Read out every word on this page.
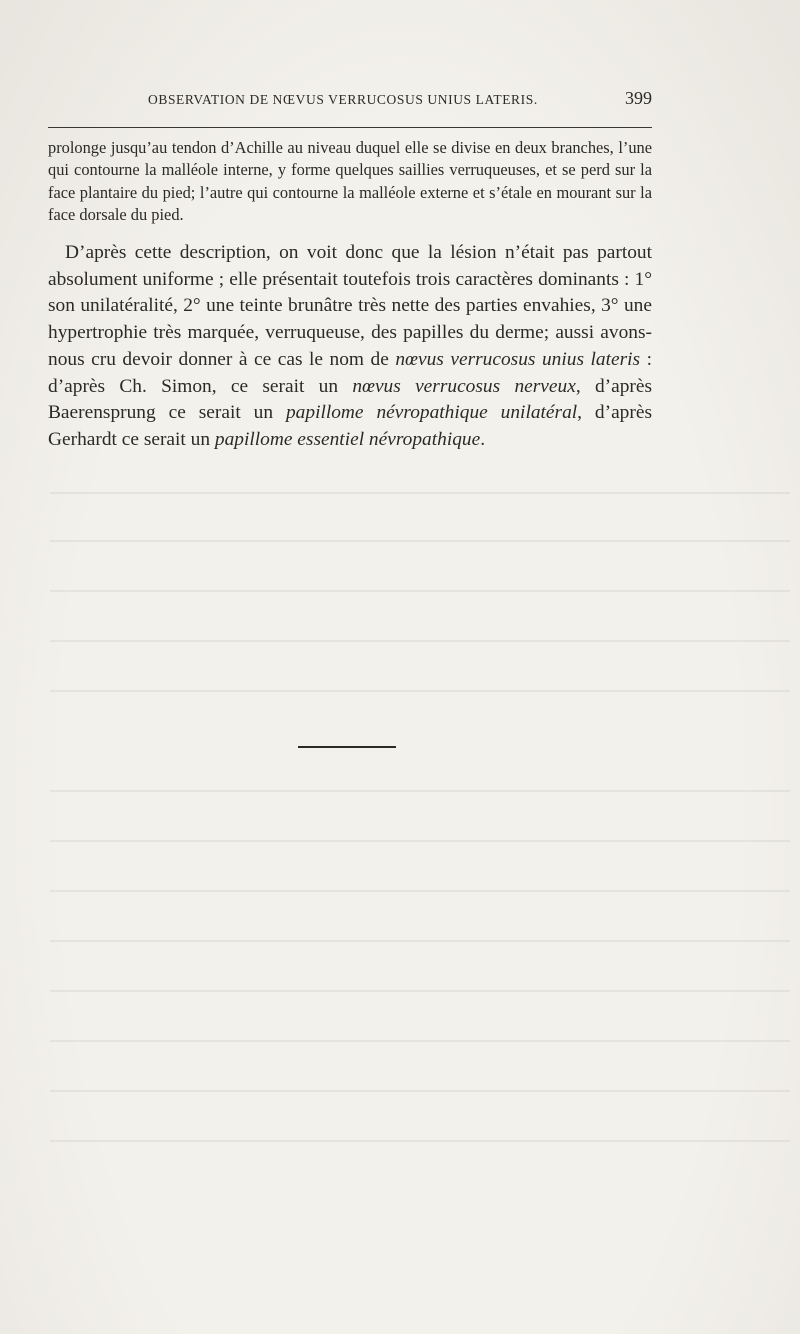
OBSERVATION DE NŒVUS VERRUCOSUS UNIUS LATERIS.	399

prolonge jusqu’au tendon d’Achille au niveau duquel elle se divise en deux branches, l’une qui contourne la malléole interne, y forme quelques saillies verruqueuses, et se perd sur la face plantaire du pied; l’autre qui contourne la malléole externe et s’étale en mourant sur la face dorsale du pied.

D’après cette description, on voit donc que la lésion n’était pas partout absolument uniforme ; elle présentait toutefois trois caractères dominants : 1° son unilatéralité, 2° une teinte brunâtre très nette des parties envahies, 3° une hypertrophie très marquée, verruqueuse, des papilles du derme; aussi avons-nous cru devoir donner à ce cas le nom de nœvus verrucosus unius lateris : d’après Ch. Simon, ce serait un nœvus verrucosus nerveux, d’après Baerensprung ce serait un papillome névropathique unilatéral, d’après Gerhardt ce serait un papillome essentiel névropathique.
